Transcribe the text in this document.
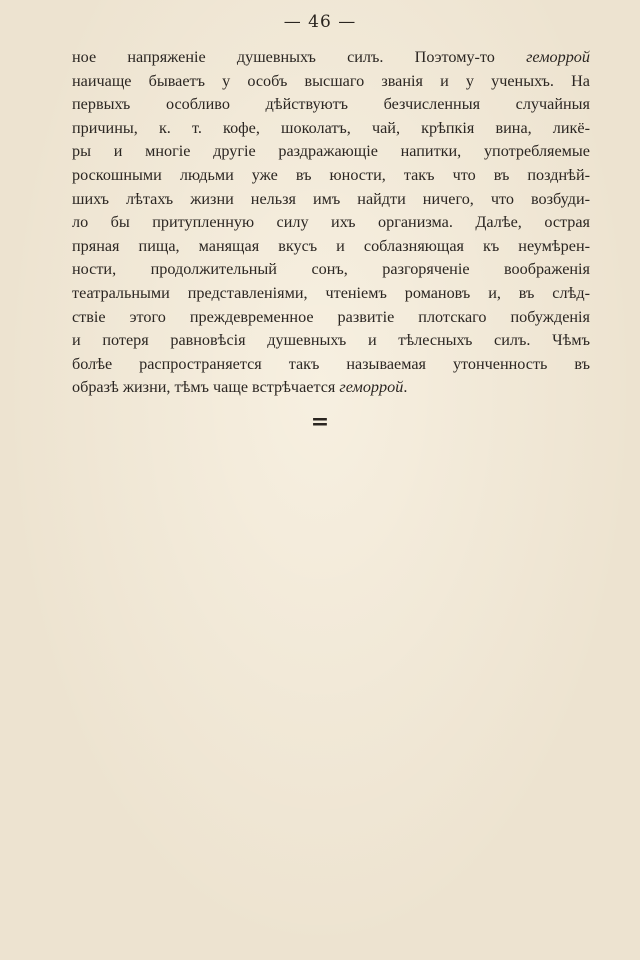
— 46 —
ное напряженіе душевныхъ силъ. Поэтому-то геморрой
наичаще бываетъ у особъ высшаго званія и у ученыхъ. На
первыхъ особливо дѣйствуютъ безчисленныя случайныя
причины, к. т. кофе, шоколатъ, чай, крѣпкія вина, ликё-
ры и многіе другіе раздражающіе напитки, употребляемые
роскошными людьми уже въ юности, такъ что въ позднѣй-
шихъ лѣтахъ жизни нельзя имъ найдти ничего, что возбуди-
ло бы притупленную силу ихъ организма. Далѣе, острая
пряная пища, манящая вкусъ и соблазняющая къ неумѣрен-
ности, продолжительный сонъ, разгоряченіе воображенія
театральными представленіями, чтеніемъ романовъ и, въ слѣд-
ствіе этого преждевременное развитіе плотскаго побужденія
и потеря равновѣсія душевныхъ и тѣлесныхъ силъ. Чѣмъ
болѣе распространяется такъ называемая утонченность въ
образѣ жизни, тѣмъ чаще встрѣчается геморрой.
=
